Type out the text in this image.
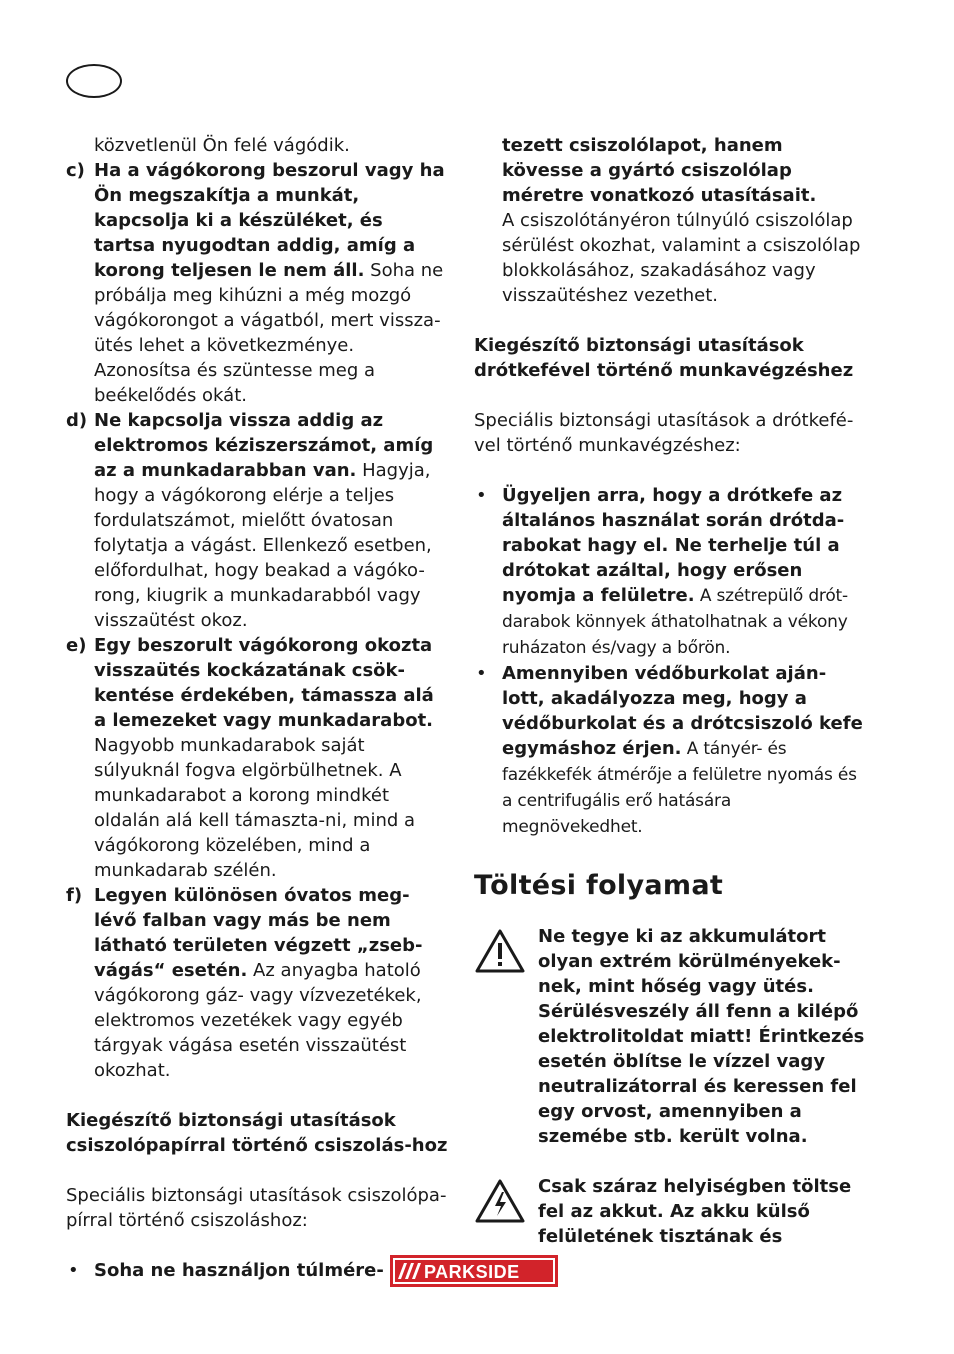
közvetlenül Ön felé vágódik.
c) Ha a vágókorong beszorul vagy ha Ön megszakítja a munkát, kapcsolja ki a készüléket, és tartsa nyugodtan addig, amíg a korong teljesen le nem áll. Soha ne próbálja meg kihúzni a még mozgó vágókorongot a vágatból, mert vissza-ütés lehet a következménye. Azonosítsa és szüntesse meg a beékelődés okát.
d) Ne kapcsolja vissza addig az elektromos kéziszerszámot, amíg az a munkadarabban van. Hagyja, hogy a vágókorong elérje a teljes fordulatszámot, mielőtt óvatosan folytatja a vágást. Ellenkező esetben, előfordulhat, hogy beakad a vágóko-rong, kiugrik a munkadarabból vagy visszaütést okoz.
e) Egy beszorult vágókorong okozta visszaütés kockázatának csök-kentése érdekében, támassza alá a lemezeket vagy munkadarabot. Nagyobb munkadarabok saját súlyuknál fogva elgörbülhetnek. A munkadarabot a korong mindkét oldalán alá kell támaszta-ni, mind a vágókorong közelében, mind a munkadarab szélén.
f) Legyen különösen óvatos meg-lévő falban vagy más be nem látható területen végzett „zseb-vágás“ esetén. Az anyagba hatoló vágókorong gáz- vagy vízvezetékek, elektromos vezetékek vagy egyéb tárgyak vágása esetén visszaütést okozhat.
Kiegészítő biztonsági utasítások csiszolópapírral történő csiszolás-hoz
Speciális biztonsági utasítások csiszolópa-pírral történő csiszoláshoz:
• Soha ne használjon túlmére-
tezett csiszolólapot, hanem kövesse a gyártó csiszolólap méretre vonatkozó utasításait.
A csiszolótányéron túlnyúló csiszolólap sérülést okozhat, valamint a csiszolólap blokkolásához, szakadásához vagy visszaütéshez vezethet.
Kiegészítő biztonsági utasítások drótkefével történő munkavégzéshez
Speciális biztonsági utasítások a drótkefé-vel történő munkavégzéshez:
• Ügyeljen arra, hogy a drótkefe az általános használat során drótda-rabokat hagy el. Ne terhelje túl a drótokat azáltal, hogy erősen nyomja a felületre. A szétrepülő drót-darabok könnyek áthatolhatnak a vékony ruházaton és/vagy a bőrön.
• Amennyiben védőburkolat aján-lott, akadályozza meg, hogy a védőburkolat és a drótcsiszoló kefe egymáshoz érjen. A tányér- és fazékkefék átmérője a felületre nyomás és a centrifugális erő hatására megnövekedhet.
Töltési folyamat
Ne tegye ki az akkumulátort olyan extrém körülményekek-nek, mint hőség vagy ütés. Sérülésveszély áll fenn a kilépő elektrolitoldat miatt! Érintkezés esetén öblítse le vízzel vagy neutralizátorral és keressen fel egy orvost, amennyiben a szemébe stb. került volna.
Csak száraz helyiségben töltse fel az akkut. Az akku külső felületének tisztának és
PARKSIDE
